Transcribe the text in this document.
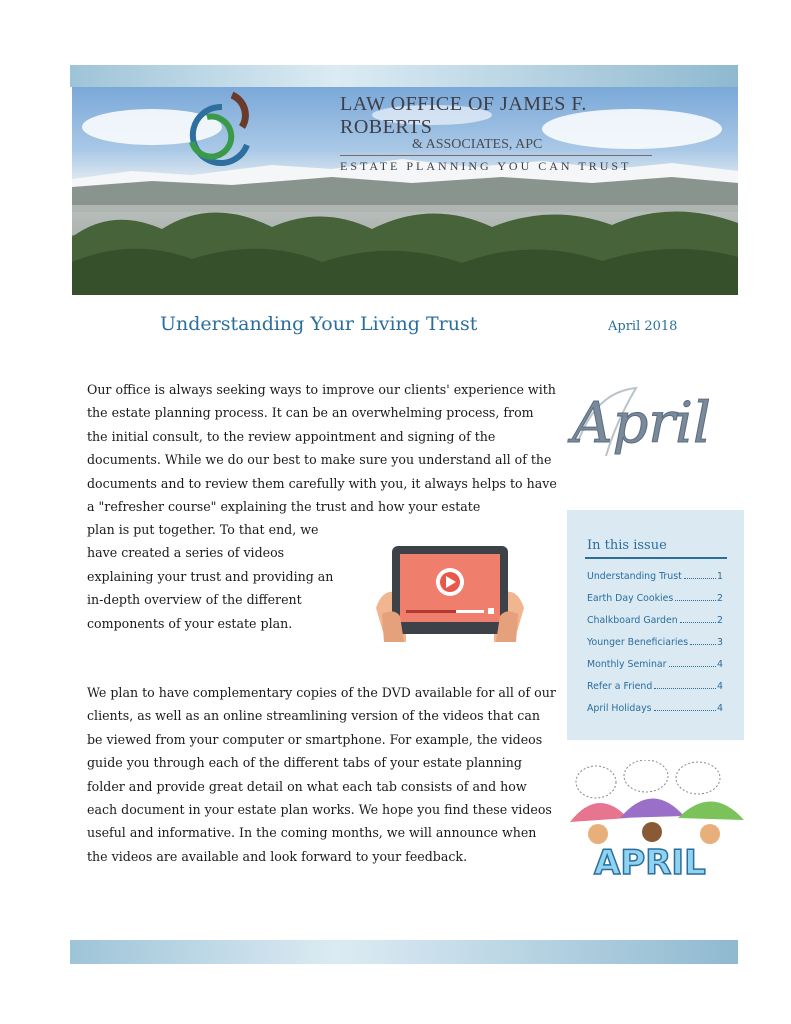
LAW OFFICE OF JAMES F. ROBERTS
& ASSOCIATES, APC
ESTATE PLANNING YOU CAN TRUST
Understanding Your Living Trust	April 2018

Our office is always seeking ways to improve our clients' experience with the estate planning process. It can be an overwhelming process, from the initial consult, to the review appointment and signing of the documents. While we do our best to make sure you understand all of the documents and to review them carefully with you, it always helps to have a "refresher course" explaining the trust and how your estate

plan is put together. To that end, we have created a series of videos explaining your trust and providing an in-depth overview of the different components of your estate plan.

We plan to have complementary copies of the DVD available for all of our clients, as well as an online streamlining version of the videos that can be viewed from your computer or smartphone. For example, the videos guide you through each of the different tabs of your estate planning folder and provide great detail on what each tab consists of and how each document in your estate plan works. We hope you find these videos useful and informative. In the coming months, we will announce when the videos are available and look forward to your feedback.

April
In this issue
Understanding Trust	1
Earth Day Cookies	2
Chalkboard Garden	2
Younger Beneficiaries	3
Monthly Seminar	4
Refer a Friend	4
April Holidays	4
APRIL
